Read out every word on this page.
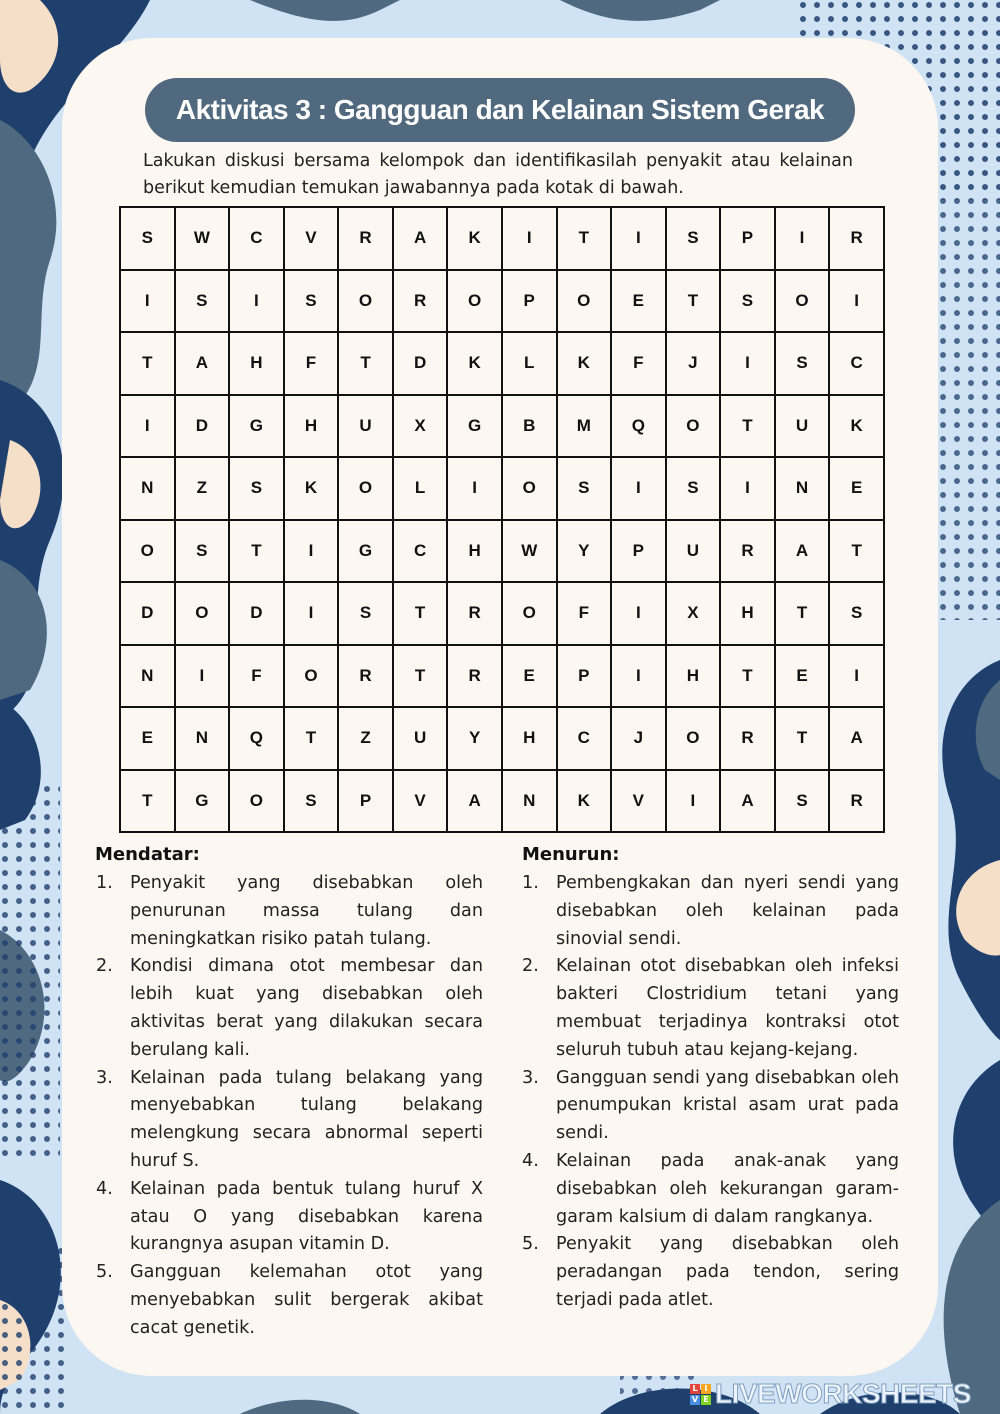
Aktivitas 3 : Gangguan dan Kelainan Sistem Gerak
Lakukan diskusi bersama kelompok dan identifikasilah penyakit atau kelainan berikut kemudian temukan jawabannya pada kotak di bawah.
S	W	C	V	R	A	K	I	T	I	S	P	I	R
I	S	I	S	O	R	O	P	O	E	T	S	O	I
T	A	H	F	T	D	K	L	K	F	J	I	S	C
I	D	G	H	U	X	G	B	M	Q	O	T	U	K
N	Z	S	K	O	L	I	O	S	I	S	I	N	E
O	S	T	I	G	C	H	W	Y	P	U	R	A	T
D	O	D	I	S	T	R	O	F	I	X	H	T	S
N	I	F	O	R	T	R	E	P	I	H	T	E	I
E	N	Q	T	Z	U	Y	H	C	J	O	R	T	A
T	G	O	S	P	V	A	N	K	V	I	A	S	R
Mendatar:
1. Penyakit yang disebabkan oleh penurunan massa tulang dan meningkatkan risiko patah tulang.
2. Kondisi dimana otot membesar dan lebih kuat yang disebabkan oleh aktivitas berat yang dilakukan secara berulang kali.
3. Kelainan pada tulang belakang yang menyebabkan tulang belakang melengkung secara abnormal seperti huruf S.
4. Kelainan pada bentuk tulang huruf X atau O yang disebabkan karena kurangnya asupan vitamin D.
5. Gangguan kelemahan otot yang menyebabkan sulit bergerak akibat cacat genetik.
Menurun:
1. Pembengkakan dan nyeri sendi yang disebabkan oleh kelainan pada sinovial sendi.
2. Kelainan otot disebabkan oleh infeksi bakteri Clostridium tetani yang membuat terjadinya kontraksi otot seluruh tubuh atau kejang-kejang.
3. Gangguan sendi yang disebabkan oleh penumpukan kristal asam urat pada sendi.
4. Kelainan pada anak-anak yang disebabkan oleh kekurangan garam-garam kalsium di dalam rangkanya.
5. Penyakit yang disebabkan oleh peradangan pada tendon, sering terjadi pada atlet.
L I
V E LIVEWORKSHEETS
